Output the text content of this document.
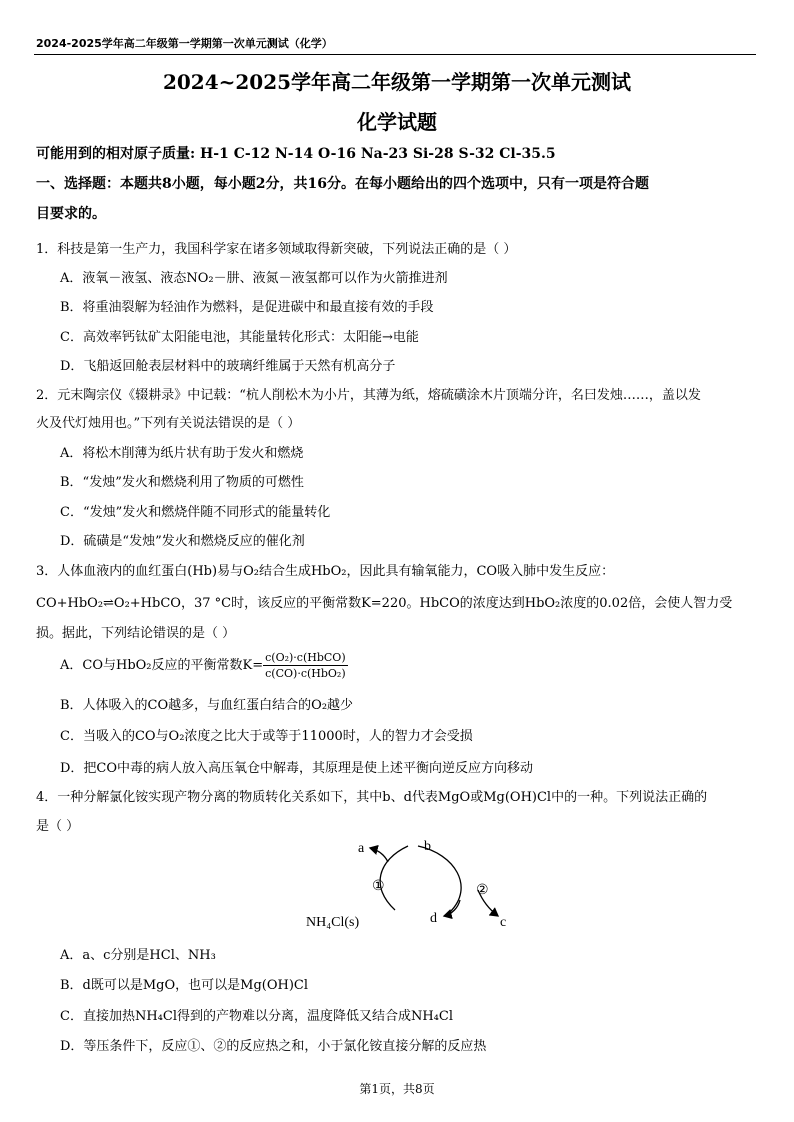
2024-2025学年高二年级第一学期第一次单元测试（化学）
2024~2025学年高二年级第一学期第一次单元测试
化学试题
可能用到的相对原子质量: H-1 C-12 N-14 O-16 Na-23 Si-28 S-32 Cl-35.5
一、选择题：本题共8小题，每小题2分，共16分。在每小题给出的四个选项中，只有一项是符合题
目要求的。
1．科技是第一生产力，我国科学家在诸多领域取得新突破，下列说法正确的是（ ）
A．液氧－液氢、液态NO₂－肼、液氮－液氢都可以作为火箭推进剂
B．将重油裂解为轻油作为燃料，是促进碳中和最直接有效的手段
C．高效率钙钛矿太阳能电池，其能量转化形式：太阳能→电能
D．飞船返回舱表层材料中的玻璃纤维属于天然有机高分子
2．元末陶宗仪《辍耕录》中记载：“杭人削松木为小片，其薄为纸，熔硫磺涂木片顶端分许，名曰发烛……，盖以发
火及代灯烛用也。”下列有关说法错误的是（ ）
A．将松木削薄为纸片状有助于发火和燃烧
B．“发烛”发火和燃烧利用了物质的可燃性
C．“发烛”发火和燃烧伴随不同形式的能量转化
D．硫磺是“发烛”发火和燃烧反应的催化剂
3．人体血液内的血红蛋白(Hb)易与O₂结合生成HbO₂，因此具有输氧能力，CO吸入肺中发生反应：
CO+HbO₂⇌O₂+HbCO，37 °C时，该反应的平衡常数K=220。HbCO的浓度达到HbO₂浓度的0.02倍，会使人智力受
损。据此，下列结论错误的是（ ）
A．CO与HbO₂反应的平衡常数$K= \frac{\text{c(O₂)·c(HbCO)}}{\text{c(CO)·c(HbO₂)}}$
B．人体吸入的CO越多，与血红蛋白结合的O₂越少
C．当吸入的CO与O₂浓度之比大于或等于11000时，人的智力才会受损
D．把CO中毒的病人放入高压氧仓中解毒，其原理是使上述平衡向逆反应方向移动
4．一种分解氯化铵实现产物分离的物质转化关系如下，其中b、d代表MgO或Mg(OH)Cl中的一种。下列说法正确的
是（ ）
a	b
①	②
d	c
NH₄Cl(s)
A．a、c分别是HCl、NH₃
B．d既可以是MgO，也可以是Mg(OH)Cl
C．直接加热NH₄Cl得到的产物难以分离，温度降低又结合成NH₄Cl
D．等压条件下，反应①、②的反应热之和，小于氯化铵直接分解的反应热
第1页，共8页
